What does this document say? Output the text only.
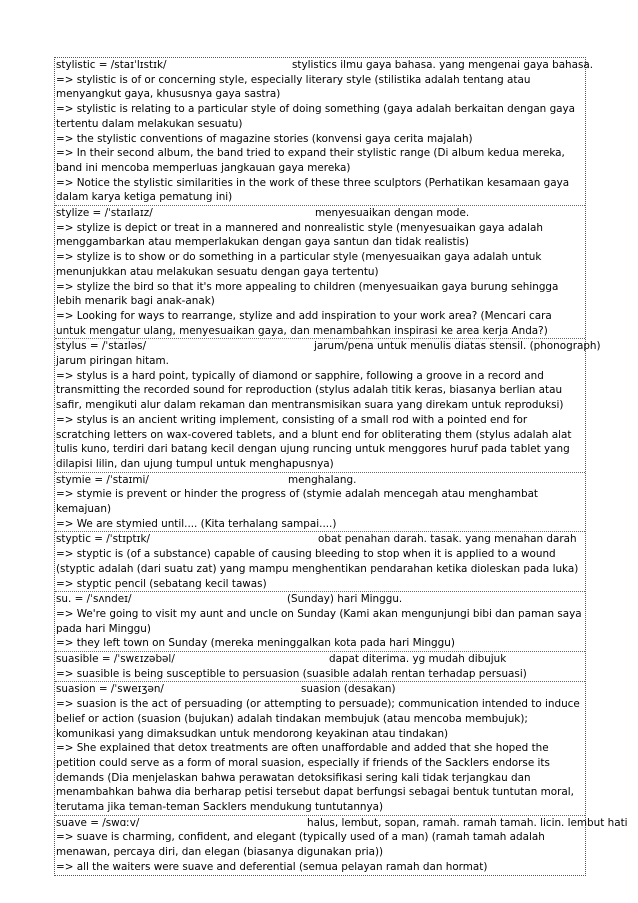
stylistic = /staɪˈlɪstɪk/	stylistics ilmu gaya bahasa. yang mengenai gaya bahasa.
=> stylistic is of or concerning style, especially literary style (stilistika adalah tentang atau menyangkut gaya, khususnya gaya sastra)
=> stylistic is relating to a particular style of doing something (gaya adalah berkaitan dengan gaya tertentu dalam melakukan sesuatu)
=> the stylistic conventions of magazine stories (konvensi gaya cerita majalah)
=> In their second album, the band tried to expand their stylistic range (Di album kedua mereka, band ini mencoba memperluas jangkauan gaya mereka)
=> Notice the stylistic similarities in the work of these three sculptors (Perhatikan kesamaan gaya dalam karya ketiga pematung ini)
stylize = /ˈstaɪlaɪz/	menyesuaikan dengan mode.
=> stylize is depict or treat in a mannered and nonrealistic style (menyesuaikan gaya adalah menggambarkan atau memperlakukan dengan gaya santun dan tidak realistis)
=> stylize is to show or do something in a particular style (menyesuaikan gaya adalah untuk menunjukkan atau melakukan sesuatu dengan gaya tertentu)
=> stylize the bird so that it's more appealing to children (menyesuaikan gaya burung sehingga lebih menarik bagi anak-anak)
=> Looking for ways to rearrange, stylize and add inspiration to your work area? (Mencari cara untuk mengatur ulang, menyesuaikan gaya, dan menambahkan inspirasi ke area kerja Anda?)
stylus = /ˈstaɪləs/	jarum/pena untuk menulis diatas stensil. (phonograph)
jarum piringan hitam.
=> stylus is a hard point, typically of diamond or sapphire, following a groove in a record and transmitting the recorded sound for reproduction (stylus adalah titik keras, biasanya berlian atau safir, mengikuti alur dalam rekaman dan mentransmisikan suara yang direkam untuk reproduksi)
=> stylus is an ancient writing implement, consisting of a small rod with a pointed end for scratching letters on wax-covered tablets, and a blunt end for obliterating them (stylus adalah alat tulis kuno, terdiri dari batang kecil dengan ujung runcing untuk menggores huruf pada tablet yang dilapisi lilin, dan ujung tumpul untuk menghapusnya)
stymie = /ˈstaɪmi/	menghalang.
=> stymie is prevent or hinder the progress of (stymie adalah mencegah atau menghambat kemajuan)
=> We are stymied until.... (Kita terhalang sampai....)
styptic = /ˈstɪptɪk/	obat penahan darah. tasak. yang menahan darah
=> styptic is (of a substance) capable of causing bleeding to stop when it is applied to a wound (styptic adalah (dari suatu zat) yang mampu menghentikan pendarahan ketika dioleskan pada luka)
=> styptic pencil (sebatang kecil tawas)
su. = /ˈsʌndeɪ/	(Sunday) hari Minggu.
=> We're going to visit my aunt and uncle on Sunday (Kami akan mengunjungi bibi dan paman saya pada hari Minggu)
=> they left town on Sunday (mereka meninggalkan kota pada hari Minggu)
suasible = /ˈswɛɪzəbəl/	dapat diterima. yg mudah dibujuk
=> suasible is being susceptible to persuasion (suasible adalah rentan terhadap persuasi)
suasion = /ˈsweɪʒən/	suasion (desakan)
=> suasion is the act of persuading (or attempting to persuade); communication intended to induce belief or action (suasion (bujukan) adalah tindakan membujuk (atau mencoba membujuk); komunikasi yang dimaksudkan untuk mendorong keyakinan atau tindakan)
=> She explained that detox treatments are often unaffordable and added that she hoped the petition could serve as a form of moral suasion, especially if friends of the Sacklers endorse its demands (Dia menjelaskan bahwa perawatan detoksifikasi sering kali tidak terjangkau dan menambahkan bahwa dia berharap petisi tersebut dapat berfungsi sebagai bentuk tuntutan moral, terutama jika teman-teman Sacklers mendukung tuntutannya)
suave = /swɑːv/	halus, lembut, sopan, ramah. ramah tamah. licin. lembut hati
=> suave is charming, confident, and elegant (typically used of a man) (ramah tamah adalah menawan, percaya diri, dan elegan (biasanya digunakan pria))
=> all the waiters were suave and deferential (semua pelayan ramah dan hormat)
